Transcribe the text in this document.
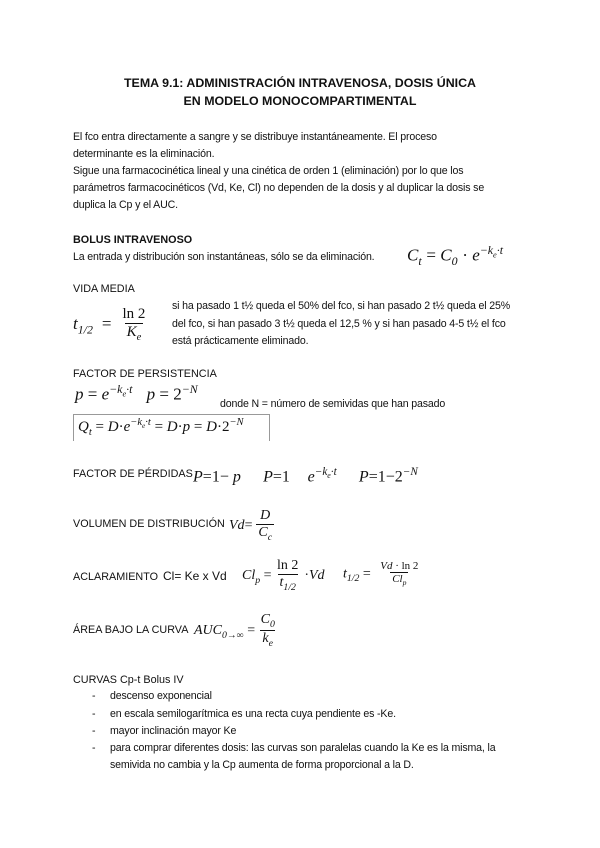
TEMA 9.1: ADMINISTRACIÓN INTRAVENOSA, DOSIS ÚNICA
EN MODELO MONOCOMPARTIMENTAL
El fco entra directamente a sangre y se distribuye instantáneamente. El proceso
determinante es la eliminación.
Sigue una farmacocinética lineal y una cinética de orden 1 (eliminación) por lo que los
parámetros farmacocinéticos (Vd, Ke, Cl) no dependen de la dosis y al duplicar la dosis se
duplica la Cp y el AUC.
BOLUS INTRAVENOSO
La entrada y distribución son instantáneas, sólo se da eliminación. $C_t = C_0 \cdot e^{-k_e\cdot t}$
VIDA MEDIA
$t_{1/2} = \frac{\ln 2}{K_e}$ si ha pasado 1 t½ queda el 50% del fco, si han pasado 2 t½ queda el 25%
del fco, si han pasado 3 t½ queda el 12,5 % y si han pasado 4-5 t½ el fco
está prácticamente eliminado.
FACTOR DE PERSISTENCIA
$p = e^{-k_e\cdot t}$ $p = 2^{-N}$
donde N = número de semividas que han pasado
$Q_t = D\cdot e^{-k_e\cdot t} = D\cdot p = D\cdot 2^{-N}$
FACTOR DE PÉRDIDAS P=1− p P=1 $e^{-k_e\cdot t}$ $P=1-2^{-N}$
VOLUMEN DE DISTRIBUCIÓN $Vd= \frac{D}{C_c}$
ACLARAMIENTO Cl= Ke x Vd $Cl_p = \frac{\ln 2}{t_{1/2}} \cdot Vd$ $t_{1/2} = \frac{Vd \cdot \ln 2}{Cl_p}$
ÁREA BAJO LA CURVA $AUC_{0\to\infty} = \frac{C_0}{k_e}$
CURVAS Cp-t Bolus IV
- descenso exponencial
- en escala semilogarítmica es una recta cuya pendiente es -Ke.
- mayor inclinación mayor Ke
- para comprar diferentes dosis: las curvas son paralelas cuando la Ke es la misma, la
semivida no cambia y la Cp aumenta de forma proporcional a la D.
